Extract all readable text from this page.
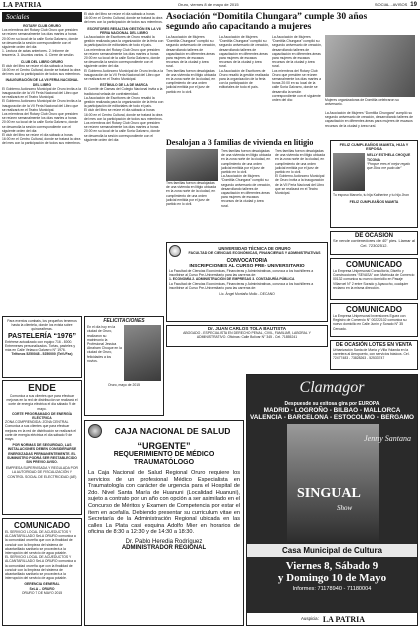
LA PATRIA	Oruro, viernes 8 de mayo de 2015	SOCIAL - AVISOS 19
Sociales
ROTARY CLUB ORURO
Los miembros del Rotary Club Oruro que presiden se reúnen semanalmente los días martes a horas 20:00 en su local de la calle Soria Galvarro, donde se desarrolla la sesión correspondiente con el siguiente orden del día:
1. Lectura de actas anteriores. 2. Informe de tesorería. 3. Asuntos varios. 4. Cierre de sesión.
CLUB DEL LIBRO ORURO
El club del libro se reúne el día sábado a horas 16:00 en el Centro Cultural, donde se tratará la obra del mes con la participación de todos sus miembros.
INAUGURACIÓN DE LA VII FERIA NACIONAL DEL LIBRO
El Gobierno Autónomo Municipal de Oruro invita a la inauguración de la VII Feria Nacional del Libro que se realizará en el Teatro Municipal.
El Gobierno Autónomo Municipal de Oruro invita a la inauguración de la VII Feria Nacional del Libro que se realizará en el Teatro Municipal.
Los miembros del Rotary Club Oruro que presiden se reúnen semanalmente los días martes a horas 20:00 en su local de la calle Soria Galvarro, donde se desarrolla la sesión correspondiente con el siguiente orden del día:
El club del libro se reúne el día sábado a horas 16:00 en el Centro Cultural, donde se tratará la obra del mes con la participación de todos sus miembros.
El club del libro se reúne el día sábado a horas 16:00 en el Centro Cultural, donde se tratará la obra del mes con la participación de todos sus miembros.
ESCRITORES RESALTAN GESTIÓN EN LA VII FERIA NACIONAL DEL LIBRO
La Asociación de Escritores de Oruro resaltó la gestión realizada para la organización de la feria con la participación de editoriales de todo el país.
Los miembros del Rotary Club Oruro que presiden se reúnen semanalmente los días martes a horas 20:00 en su local de la calle Soria Galvarro, donde se desarrolla la sesión correspondiente con el siguiente orden del día:
El Gobierno Autónomo Municipal de Oruro invita a la inauguración de la VII Feria Nacional del Libro que se realizará en el Teatro Municipal.
ESTÍMULO DE LA DE MARCA
El Comité de Damas del Colegio Nacional invita a la tradicional velada de confraternidad.
La Asociación de Escritores de Oruro resaltó la gestión realizada para la organización de la feria con la participación de editoriales de todo el país.
El club del libro se reúne el día sábado a horas 16:00 en el Centro Cultural, donde se tratará la obra del mes con la participación de todos sus miembros.
Los miembros del Rotary Club Oruro que presiden se reúnen semanalmente los días martes a horas 20:00 en su local de la calle Soria Galvarro, donde se desarrolla la sesión correspondiente con el siguiente orden del día:
Asociación “Domitila Chungara” cumple 30 años
segundo año capacitando a mujeres
La Asociación de Mujeres “Domitila Chungara” cumplió su segundo aniversario de creación, desarrollando talleres de capacitación en diferentes áreas para mujeres de escasos recursos de la ciudad y área rural.
Tres familias fueron desalojadas de una vivienda en litigio ubicada en la zona norte de la ciudad, en cumplimiento de una orden judicial emitida por el juez de partido en lo civil.
La Asociación de Mujeres “Domitila Chungara” cumplió su segundo aniversario de creación, desarrollando talleres de capacitación en diferentes áreas para mujeres de escasos recursos de la ciudad y área rural.
La Asociación de Escritores de Oruro resaltó la gestión realizada para la organización de la feria con la participación de editoriales de todo el país.
La Asociación de Mujeres “Domitila Chungara” cumplió su segundo aniversario de creación, desarrollando talleres de capacitación en diferentes áreas para mujeres de escasos recursos de la ciudad y área rural.
Los miembros del Rotary Club Oruro que presiden se reúnen semanalmente los días martes a horas 20:00 en su local de la calle Soria Galvarro, donde se desarrolla la sesión correspondiente con el siguiente orden del día:	Mujeres organizadoras de Domitila celebraron su aniversario.
La Asociación de Mujeres “Domitila Chungara” cumplió su segundo aniversario de creación, desarrollando talleres de capacitación en diferentes áreas para mujeres de escasos recursos de la ciudad y área rural.
Desalojan a 3 familias de vivienda en litigio
Tres familias fueron desalojadas de una vivienda en litigio ubicada en la zona norte de la ciudad, en cumplimiento de una orden judicial emitida por el juez de partido en lo civil.
Tres familias fueron desalojadas de una vivienda en litigio ubicada en la zona norte de la ciudad, en cumplimiento de una orden judicial emitida por el juez de partido en lo civil.
La Asociación de Mujeres “Domitila Chungara” cumplió su segundo aniversario de creación, desarrollando talleres de capacitación en diferentes áreas para mujeres de escasos recursos de la ciudad y área rural.
Tres familias fueron desalojadas de una vivienda en litigio ubicada en la zona norte de la ciudad, en cumplimiento de una orden judicial emitida por el juez de partido en lo civil.
El Gobierno Autónomo Municipal de Oruro invita a la inauguración de la VII Feria Nacional del Libro que se realizará en el Teatro Municipal.
FELIZ CUMPLEAÑOS MAMITA, HIJA Y ESPOSA
NELLY ESTHELA CHOQUE TICONA
“Porque eres el mejor regalo que Dios me pudo dar”
Tu esposo Marcelo, tu hija Katherine y tu hijo Jhon
FELIZ CUMPLEAÑOS MAMITA
DE OCASIÓN
Se vende contenedores de 40" pies. Llamar al Cel. 72302512.
COMUNICADO
La Empresa Unipersonal Consultoría, Diseño y Construcciones “SEVASA” con Matrícula de Comercio 00132 comunica su nuevo domicilio en Pasaje Villarroel N° 2 entre Sorado y Ayacucho, cualquier reclamo en la misma dirección.
COMUNICADO
La Empresa Unipersonal Inversiones Eguez con Registro de Comercio N° 00222102 comunica su nuevo domicilio en Calle Junín y Sorado N° 35 Cercado.
DE OCASIÓN LOTES EN VENTA
Urbanización Santa de María y Villa Yolanda en la carretera al Aeropuerto, con servicios básicos. Cel. 72477483 - 73828263 - 52533747
UNIVERSIDAD TÉCNICA DE ORURO
FACULTAD DE CIENCIAS ECONÓMICAS, FINANCIERAS Y ADMINISTRATIVAS
CONVOCATORIA
INSCRIPCIONES AL CURSO PRE- UNIVERSITARIO
La Facultad de Ciencias Económicas, Financieras y Administrativas, convoca a los bachilleres a inscribirse al Curso Pre-Universitario para las carreras de:
1. ECONOMÍA 2. ADMINISTRACIÓN DE EMPRESAS 3. CONTADURÍA PÚBLICA
La Facultad de Ciencias Económicas, Financieras y Administrativas, convoca a los bachilleres a inscribirse al Curso Pre-Universitario para las carreras de:
Lic. Ángel Montaño Mollo - DECANO
Dr. JUAN CARLOS TOLA BAUTISTA
ABOGADO - ESPECIALISTA EN DERECHO PENAL, CIVIL, FAMILIAR, LABORAL Y ADMINISTRATIVO. Oficinas: Calle Bolívar N° 345 - Cel. 71855241
FELICITACIONES
En el día hoy en la ciudad de Oruro, realizaron su matrimonio la Profesional Jessica Abraham Choque en la ciudad de Oruro, felicidades a los novios.
Oruro, mayo de 2015
Para eventos cumbais, los pequeños tenemos hasta la clientela, donde los exista sobre quinceañeras.
PASTELERÍA “1976”
Entérese actualizado con equipo 716 - 8000. Entremeses personalizados. Tortas, pasteles y más en Calle Velasco Galvarro N° 1976.
Telfonos 5250048 - 5250000 (Telf./Fax)
ENDE
Comunica a sus clientes que para efectuar mejoras en la red de distribución se realizará el corte de energía eléctrica el día sábado 9 de mayo.
CORTE PROGRAMADO DE ENERGÍA ELÉCTRICA
ZONA COMPRENDIDA: ZONA CENTRAL
Comunica a sus clientes que para efectuar mejoras en la red de distribución se realizará el corte de energía eléctrica el día sábado 9 de mayo.
POR NORMAS DE SEGURIDAD, LAS INSTALACIONES DEBEN CONSIDERARSE ENERGIZADAS PERMANENTEMENTE. EL SUMINISTRO PODRÁ SER RESTABLECIDO SIN PREVIO AVISO.
EMPRESA SUPERVISADA Y REGULADA POR LA AUTORIDAD DE FISCALIZACIÓN Y CONTROL SOCIAL DE ELECTRICIDAD (AE)
COMUNICADO
EL SERVICIO LOCAL DE ACUEDUCTOS Y ALCANTARILLADO SeLA ORURO comunica a la comunidad orureña que con la finalidad de concluir con la limpieza del sistema de alcantarillado sanitario se procederá a la interrupción del servicio de agua potable.
EL SERVICIO LOCAL DE ACUEDUCTOS Y ALCANTARILLADO SeLA ORURO comunica a la comunidad orureña que con la finalidad de concluir con la limpieza del sistema de alcantarillado sanitario se procederá a la interrupción del servicio de agua potable.
GERENCIA GENERAL
SeLA – ORURO
ORURO 7 DE MAYO 2015
CAJA NACIONAL DE SALUD
“URGENTE”
REQUERIMIENTO DE MÉDICO TRAUMATÓLOGO
La Caja Nacional de Salud Regional Oruro requiere los servicios de un profesional Médico Especialista en Traumatología con carácter de urgencia para el Hospital de 2do. Nivel Santa María de Huanuni (Localidad Huanuni), sujeto a contrato por un año con opción a ser asimilado en el Concurso de Méritos y Examen de Competencia por estar el ítem en acefalía. Debiendo presentar su curriculum vitae en Secretaría de la Administración Regional ubicada en las calles La Plata casi esquina Adolfo Mier en horarios de oficina de 8:30 a 12:30 y de 14:30 a 18:30.
Dr. Pablo Heredia Rodríguez
ADMINISTRADOR REGIONAL
Clamagor
Despuesde su exitosa gira por EUROPA
MADRID - LOGROÑO - BILBAO - MALLORCA
VALENCIA - BARCELONA - ESTOCOLMO - BERGAMO
Jenny Santana
SINGUAL
Show
Casa Municipal de Cultura
Viernes 8, Sábado 9
y Domingo 10 de Mayo
Informes: 71178940 - 71180004
Auspicia: LA PATRIA
